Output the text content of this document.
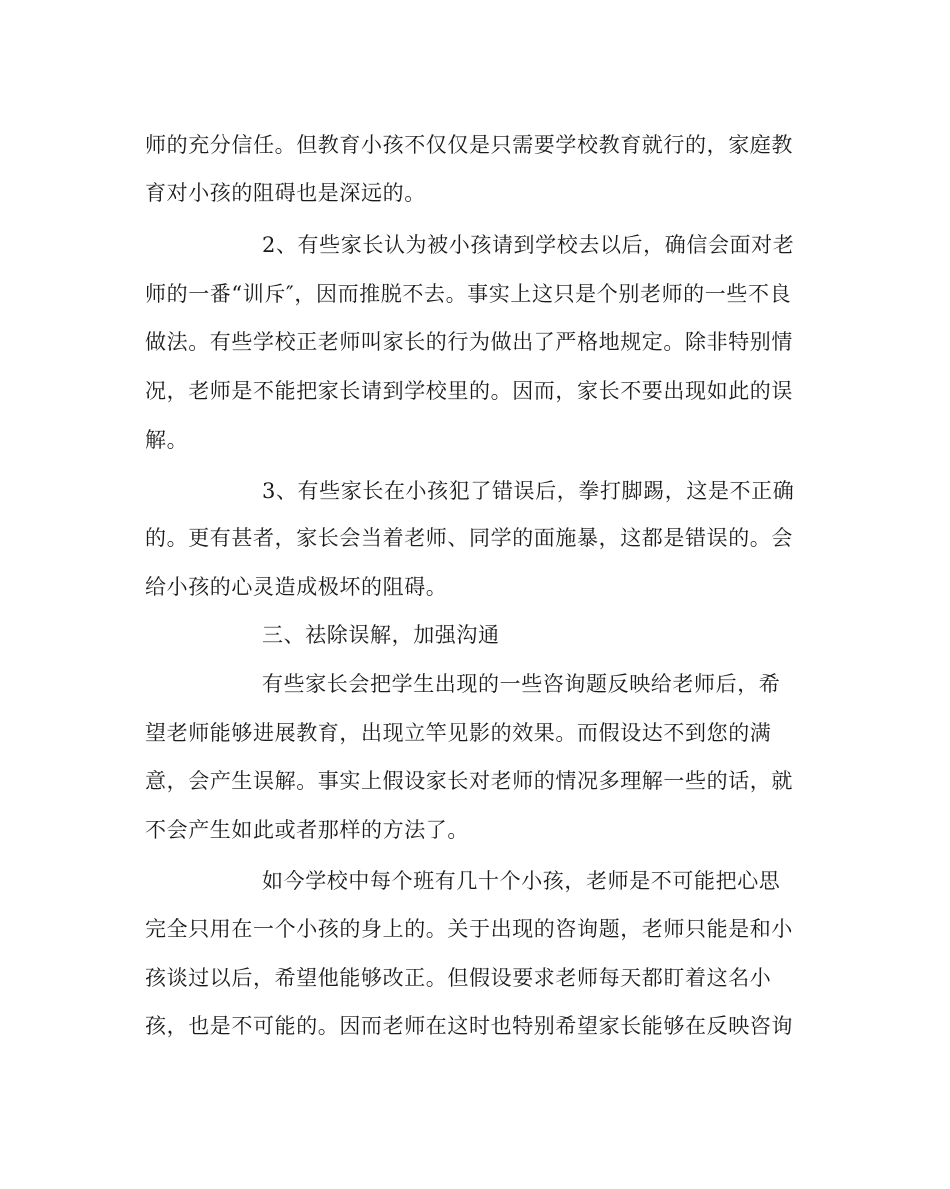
师的充分信任。但教育小孩不仅仅是只需要学校教育就行的，家庭教

育对小孩的阻碍也是深远的。

2、有些家长认为被小孩请到学校去以后，确信会面对老

师的一番“训斥″，因而推脱不去。事实上这只是个别老师的一些不良

做法。有些学校正老师叫家长的行为做出了严格地规定。除非特别情

况，老师是不能把家长请到学校里的。因而，家长不要出现如此的误

解。

3、有些家长在小孩犯了错误后，拳打脚踢，这是不正确

的。更有甚者，家长会当着老师、同学的面施暴，这都是错误的。会

给小孩的心灵造成极坏的阻碍。

三、祛除误解，加强沟通

有些家长会把学生出现的一些咨询题反映给老师后，希

望老师能够进展教育，出现立竿见影的效果。而假设达不到您的满

意，会产生误解。事实上假设家长对老师的情况多理解一些的话，就

不会产生如此或者那样的方法了。

如今学校中每个班有几十个小孩，老师是不可能把心思

完全只用在一个小孩的身上的。关于出现的咨询题，老师只能是和小

孩谈过以后，希望他能够改正。但假设要求老师每天都盯着这名小

孩，也是不可能的。因而老师在这时也特别希望家长能够在反映咨询
